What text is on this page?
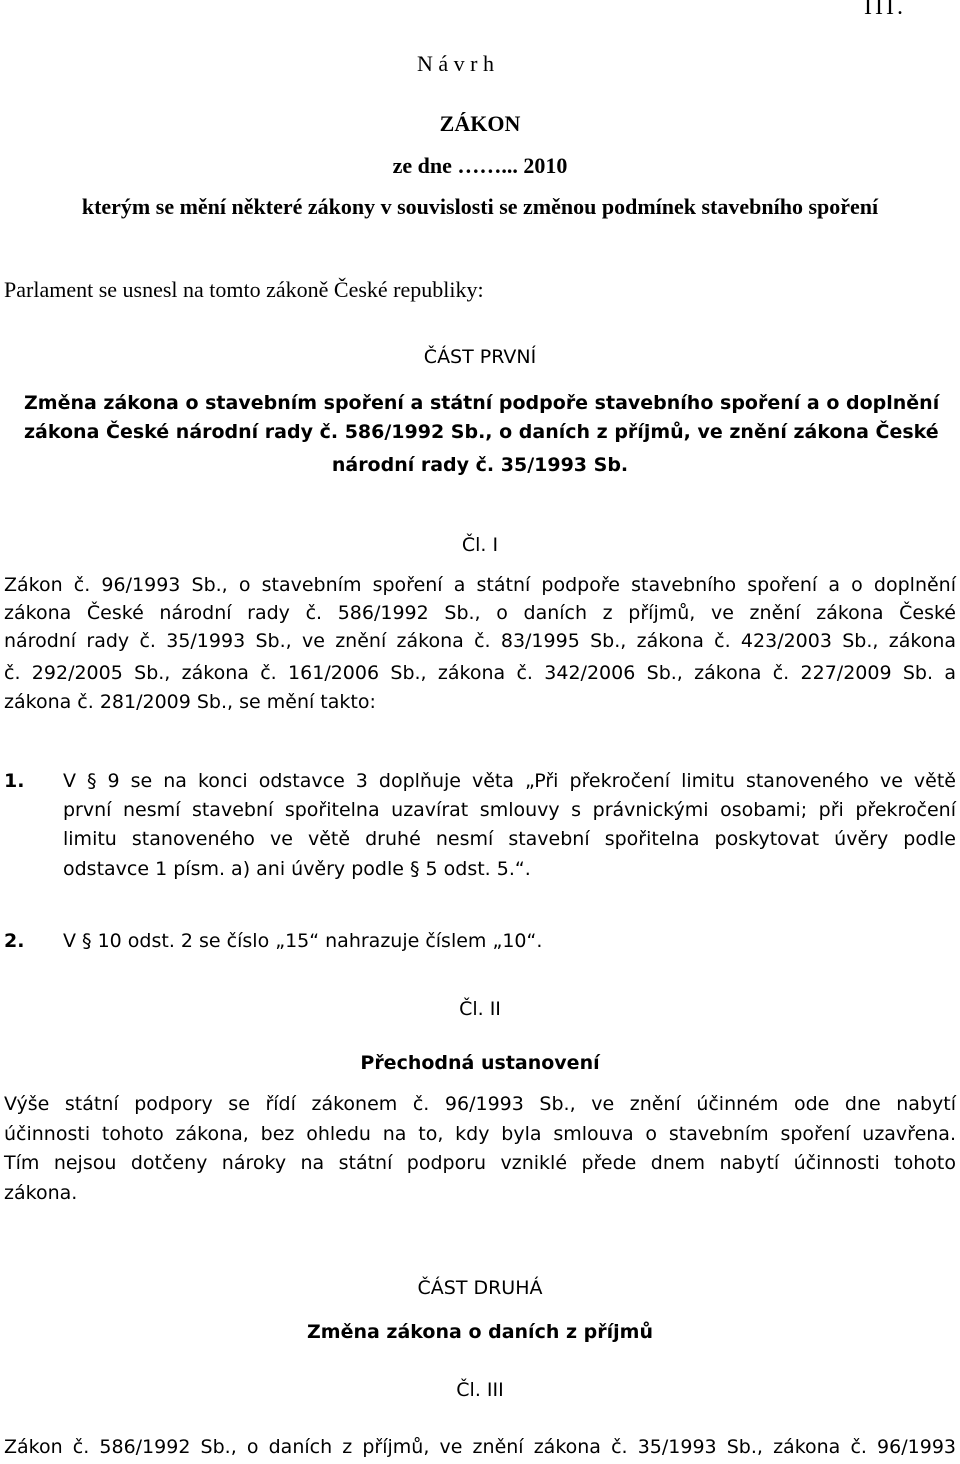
III.
N á v r h
ZÁKON
ze dne ……... 2010
kterým se mění některé zákony v souvislosti se změnou podmínek stavebního spoření
Parlament se usnesl na tomto zákoně České republiky:
ČÁST PRVNÍ
Změna zákona o stavebním spoření a státní podpoře stavebního spoření a o doplnění
zákona České národní rady č. 586/1992 Sb., o daních z příjmů, ve znění zákona České
národní rady č. 35/1993 Sb.
Čl. I
Zákon č. 96/1993 Sb., o stavebním spoření a státní podpoře stavebního spoření a o doplnění
zákona České národní rady č. 586/1992 Sb., o daních z příjmů, ve znění zákona České
národní rady č. 35/1993 Sb., ve znění zákona č. 83/1995 Sb., zákona č. 423/2003 Sb., zákona
č. 292/2005 Sb., zákona č. 161/2006 Sb., zákona č. 342/2006 Sb., zákona č. 227/2009 Sb. a
zákona č. 281/2009 Sb., se mění takto:
1. V § 9 se na konci odstavce 3 doplňuje věta „Při překročení limitu stanoveného ve větě
první nesmí stavební spořitelna uzavírat smlouvy s právnickými osobami; při překročení
limitu stanoveného ve větě druhé nesmí stavební spořitelna poskytovat úvěry podle
odstavce 1 písm. a) ani úvěry podle § 5 odst. 5.“.
2. V § 10 odst. 2 se číslo „15“ nahrazuje číslem „10“.
Čl. II
Přechodná ustanovení
Výše státní podpory se řídí zákonem č. 96/1993 Sb., ve znění účinném ode dne nabytí
účinnosti tohoto zákona, bez ohledu na to, kdy byla smlouva o stavebním spoření uzavřena.
Tím nejsou dotčeny nároky na státní podporu vzniklé přede dnem nabytí účinnosti tohoto
zákona.
ČÁST DRUHÁ
Změna zákona o daních z příjmů
Čl. III
Zákon č. 586/1992 Sb., o daních z příjmů, ve znění zákona č. 35/1993 Sb., zákona č. 96/1993
